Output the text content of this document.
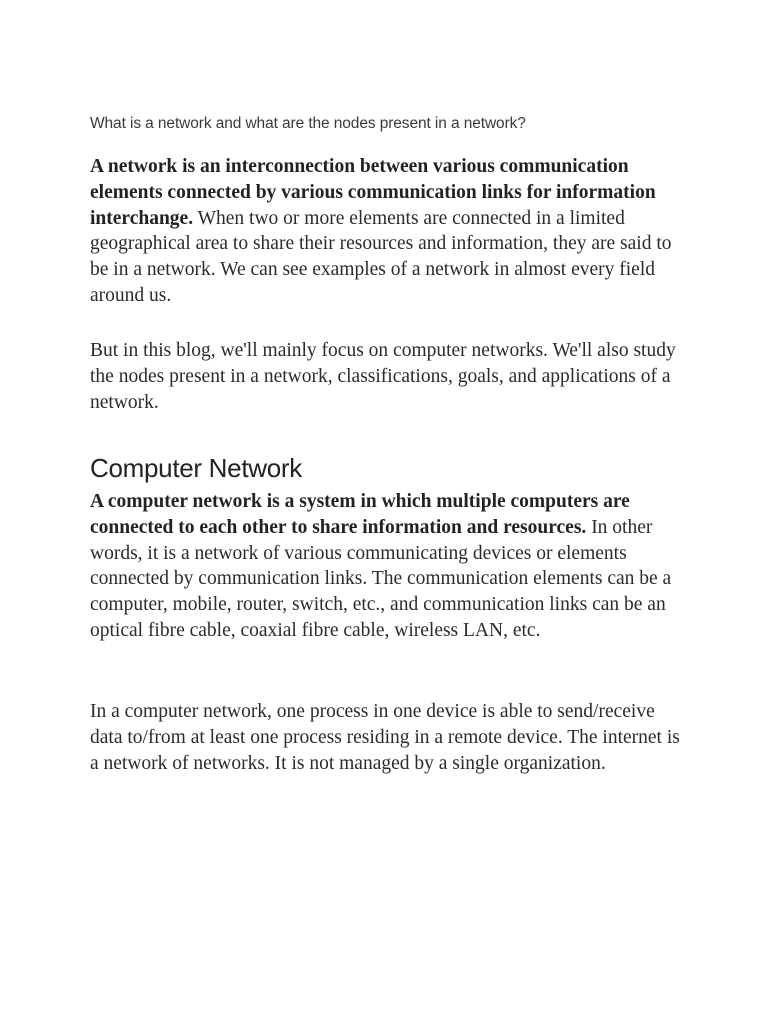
What is a network and what are the nodes present in a network?

A network is an interconnection between various communication elements connected by various communication links for information interchange. When two or more elements are connected in a limited geographical area to share their resources and information, they are said to be in a network. We can see examples of a network in almost every field around us.

But in this blog, we'll mainly focus on computer networks. We'll also study the nodes present in a network, classifications, goals, and applications of a network.

Computer Network

A computer network is a system in which multiple computers are connected to each other to share information and resources. In other words, it is a network of various communicating devices or elements connected by communication links. The communication elements can be a computer, mobile, router, switch, etc., and communication links can be an optical fibre cable, coaxial fibre cable, wireless LAN, etc.

In a computer network, one process in one device is able to send/receive data to/from at least one process residing in a remote device. The internet is a network of networks. It is not managed by a single organization.
